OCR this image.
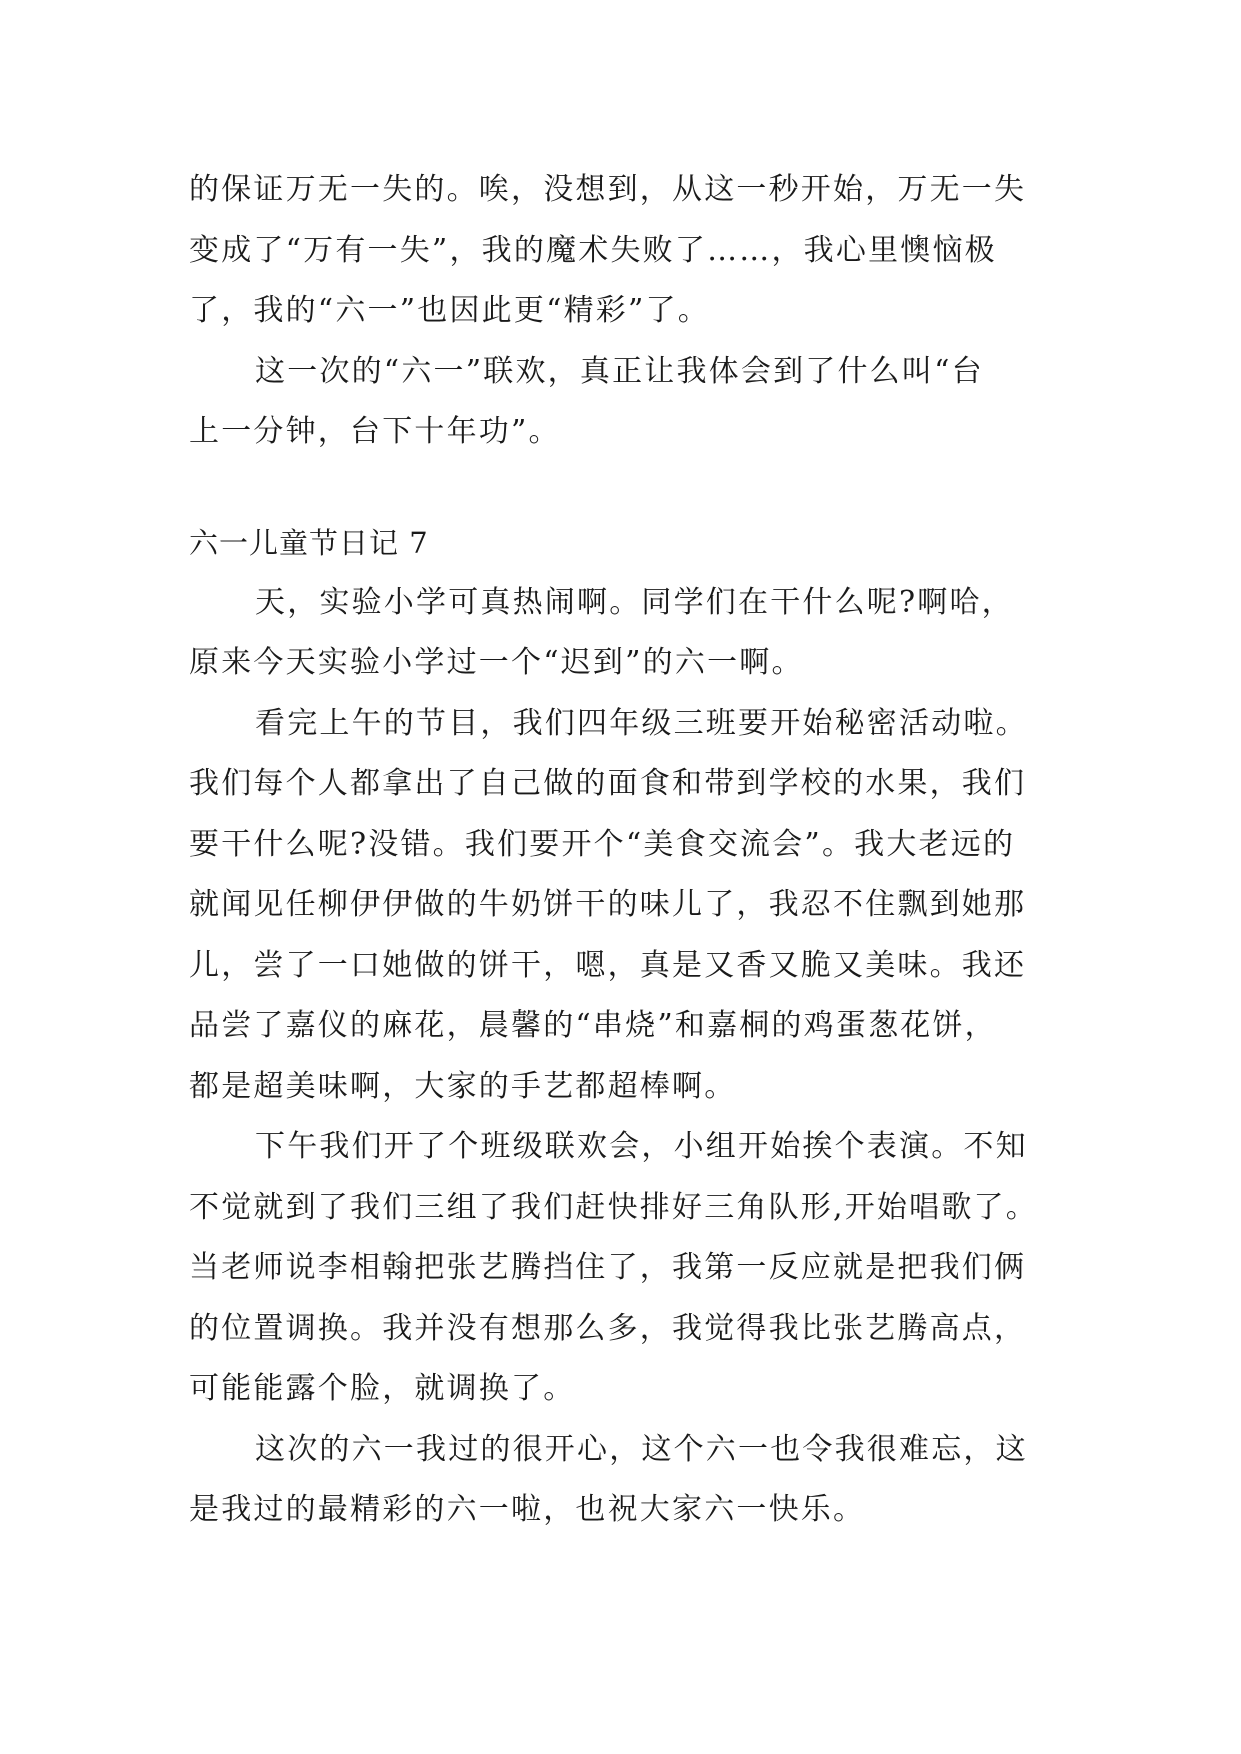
的保证万无一失的。唉，没想到，从这一秒开始，万无一失
变成了“万有一失”，我的魔术失败了……，我心里懊恼极
了，我的“六一”也因此更“精彩”了。

这一次的“六一”联欢，真正让我体会到了什么叫“台
上一分钟，台下十年功”。

六一儿童节日记 7

天，实验小学可真热闹啊。同学们在干什么呢?啊哈，
原来今天实验小学过一个“迟到”的六一啊。

看完上午的节目，我们四年级三班要开始秘密活动啦。
我们每个人都拿出了自己做的面食和带到学校的水果，我们
要干什么呢?没错。我们要开个“美食交流会”。我大老远的
就闻见任柳伊伊做的牛奶饼干的味儿了，我忍不住飘到她那
儿，尝了一口她做的饼干，嗯，真是又香又脆又美味。我还
品尝了嘉仪的麻花，晨馨的“串烧”和嘉桐的鸡蛋葱花饼，
都是超美味啊，大家的手艺都超棒啊。

下午我们开了个班级联欢会，小组开始挨个表演。不知
不觉就到了我们三组了我们赶快排好三角队形,开始唱歌了。
当老师说李相翰把张艺腾挡住了，我第一反应就是把我们俩
的位置调换。我并没有想那么多，我觉得我比张艺腾高点，
可能能露个脸，就调换了。

这次的六一我过的很开心，这个六一也令我很难忘，这
是我过的最精彩的六一啦，也祝大家六一快乐。
